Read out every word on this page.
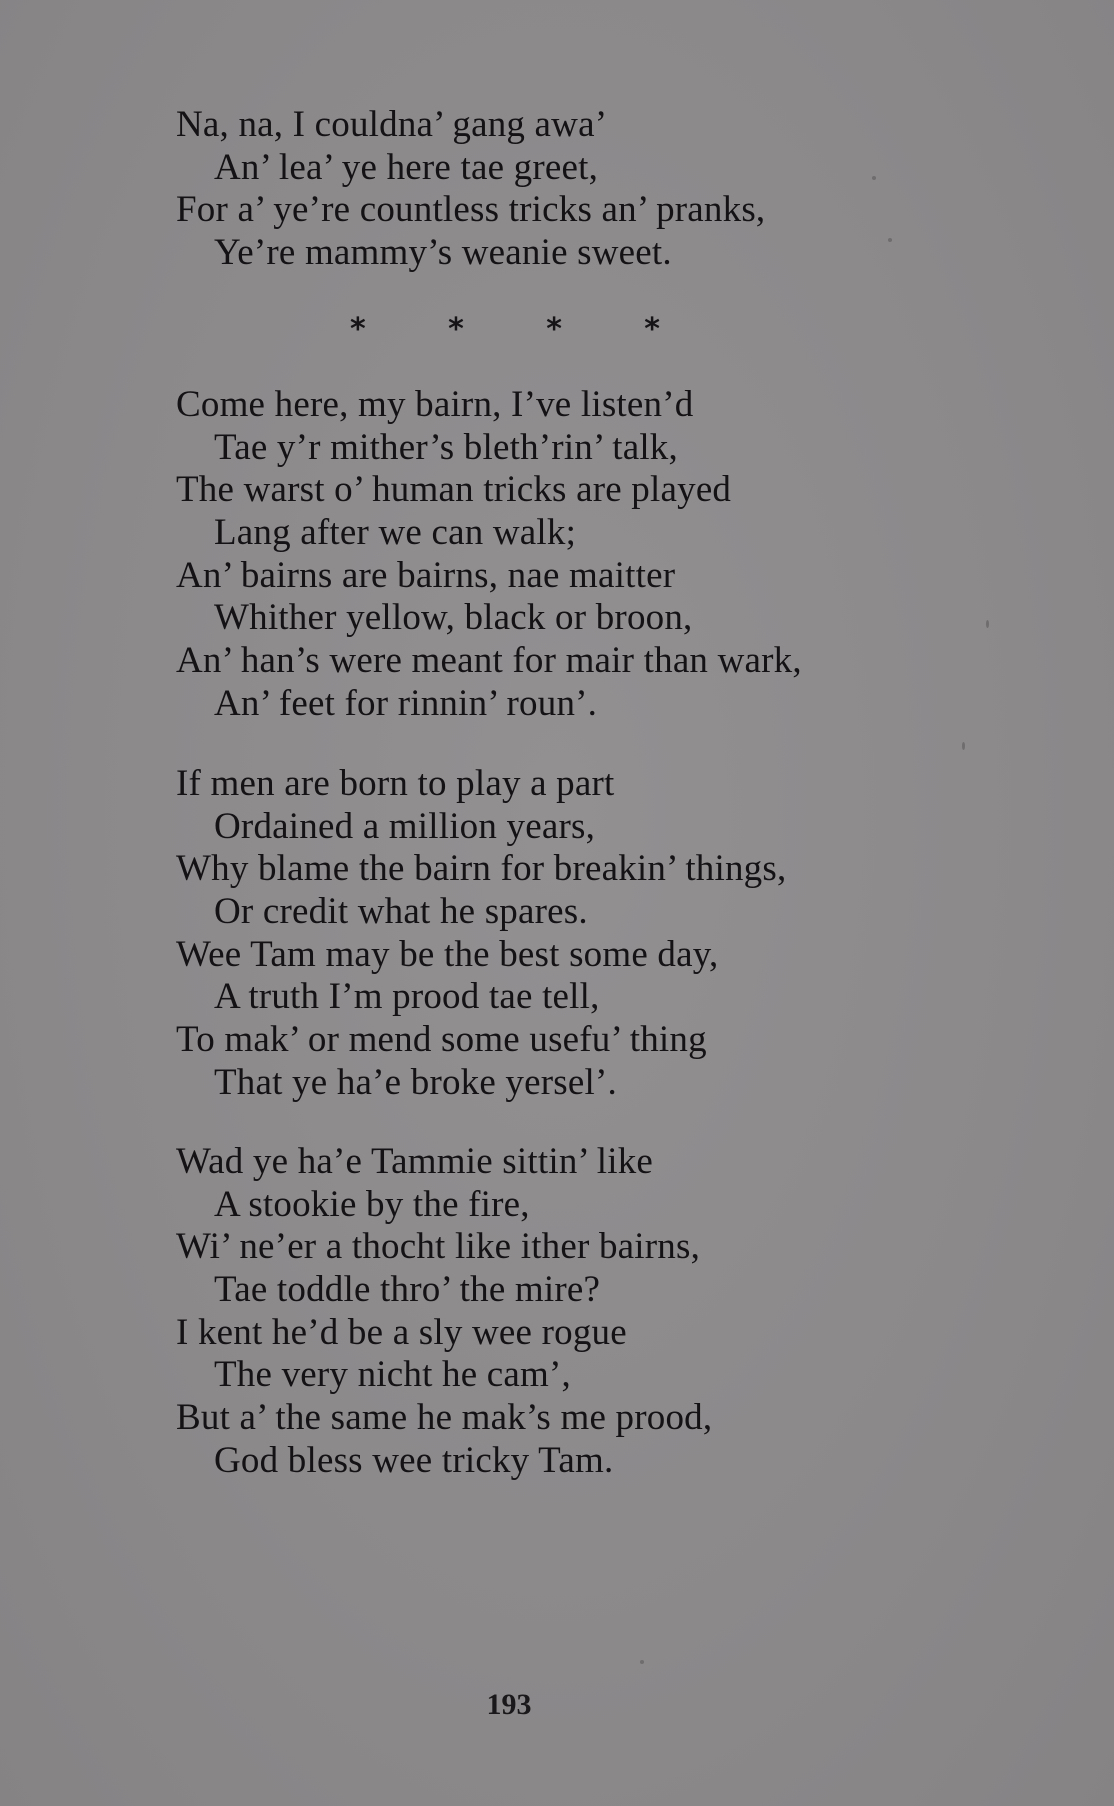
Na, na, I couldna’ gang awa’
An’ lea’ ye here tae greet,
For a’ ye’re countless tricks an’ pranks,
Ye’re mammy’s weanie sweet.
*	*	*	*
Come here, my bairn, I’ve listen’d
Tae y’r mither’s bleth’rin’ talk,
The warst o’ human tricks are played
Lang after we can walk;
An’ bairns are bairns, nae maitter
Whither yellow, black or broon,
An’ han’s were meant for mair than wark,
An’ feet for rinnin’ roun’.
If men are born to play a part
Ordained a million years,
Why blame the bairn for breakin’ things,
Or credit what he spares.
Wee Tam may be the best some day,
A truth I’m prood tae tell,
To mak’ or mend some usefu’ thing
That ye ha’e broke yersel’.
Wad ye ha’e Tammie sittin’ like
A stookie by the fire,
Wi’ ne’er a thocht like ither bairns,
Tae toddle thro’ the mire?
I kent he’d be a sly wee rogue
The very nicht he cam’,
But a’ the same he mak’s me prood,
God bless wee tricky Tam.
193
